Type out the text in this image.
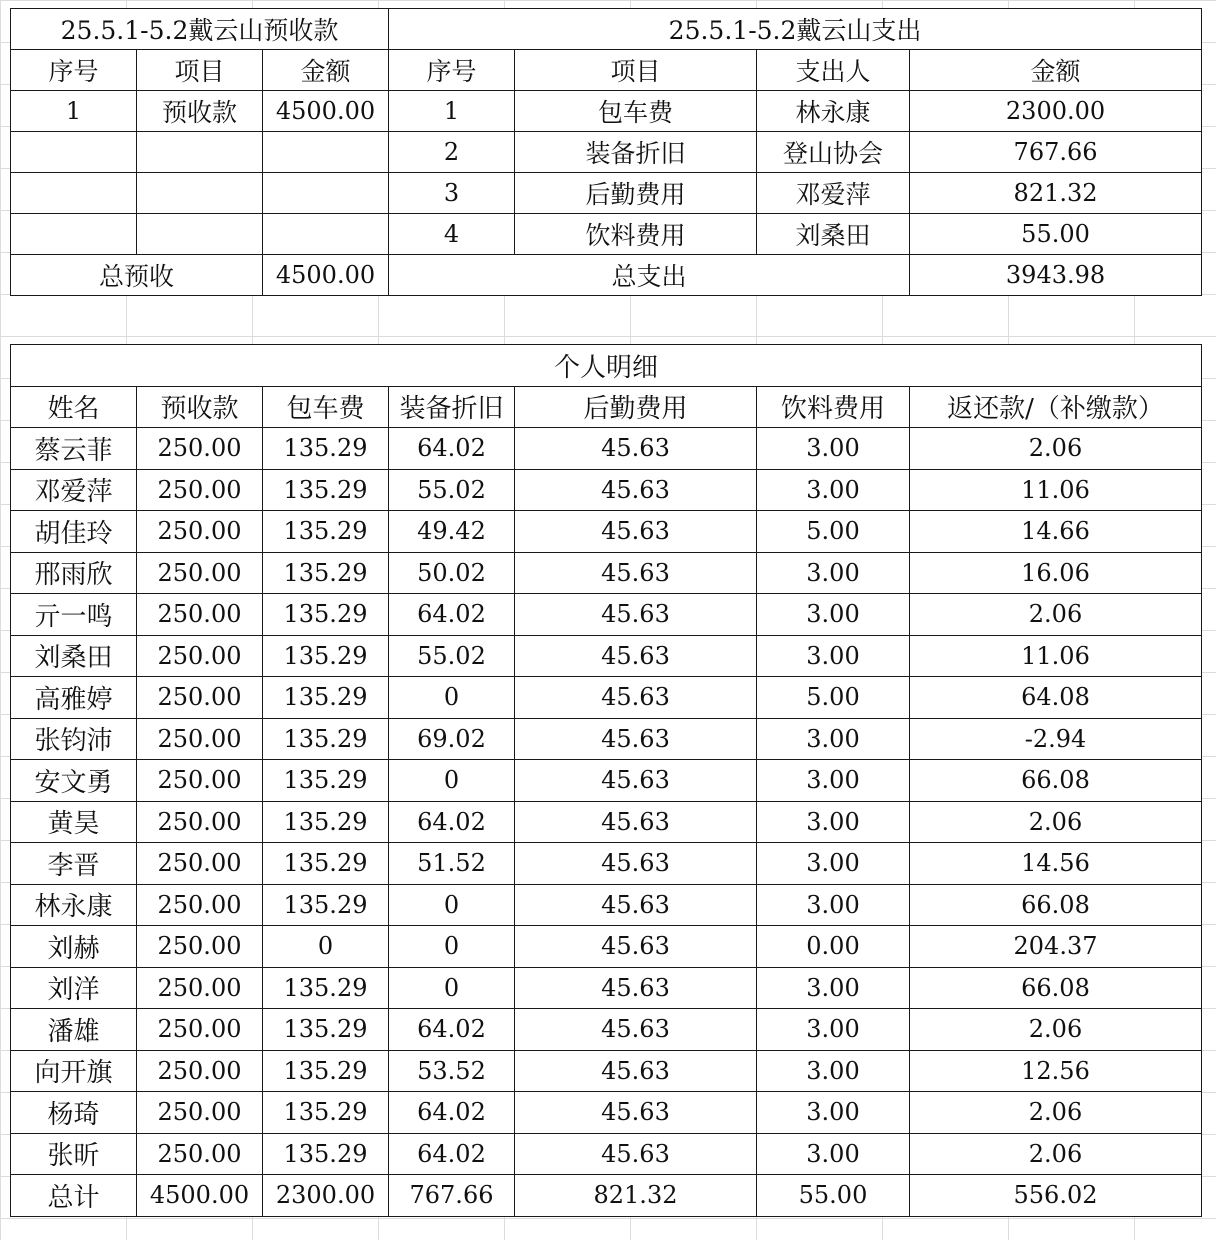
25.5.1-5.2戴云山预收款			25.5.1-5.2戴云山支出			
序号	项目	金额	序号	项目	支出人	金额
1	预收款	4500.00	1	包车费	林永康	2300.00
			2	装备折旧	登山协会	767.66
			3	后勤费用	邓爱萍	821.32
			4	饮料费用	刘桑田	55.00
总预收		4500.00	总支出			3943.98
个人明细						
姓名	预收款	包车费	装备折旧	后勤费用	饮料费用	返还款/（补缴款）
蔡云菲	250.00	135.29	64.02	45.63	3.00	2.06
邓爱萍	250.00	135.29	55.02	45.63	3.00	11.06
胡佳玲	250.00	135.29	49.42	45.63	5.00	14.66
邢雨欣	250.00	135.29	50.02	45.63	3.00	16.06
亓一鸣	250.00	135.29	64.02	45.63	3.00	2.06
刘桑田	250.00	135.29	55.02	45.63	3.00	11.06
高雅婷	250.00	135.29	0	45.63	5.00	64.08
张钧沛	250.00	135.29	69.02	45.63	3.00	-2.94
安文勇	250.00	135.29	0	45.63	3.00	66.08
黄昊	250.00	135.29	64.02	45.63	3.00	2.06
李晋	250.00	135.29	51.52	45.63	3.00	14.56
林永康	250.00	135.29	0	45.63	3.00	66.08
刘赫	250.00	0	0	45.63	0.00	204.37
刘洋	250.00	135.29	0	45.63	3.00	66.08
潘雄	250.00	135.29	64.02	45.63	3.00	2.06
向开旗	250.00	135.29	53.52	45.63	3.00	12.56
杨琦	250.00	135.29	64.02	45.63	3.00	2.06
张昕	250.00	135.29	64.02	45.63	3.00	2.06
总计	4500.00	2300.00	767.66	821.32	55.00	556.02
